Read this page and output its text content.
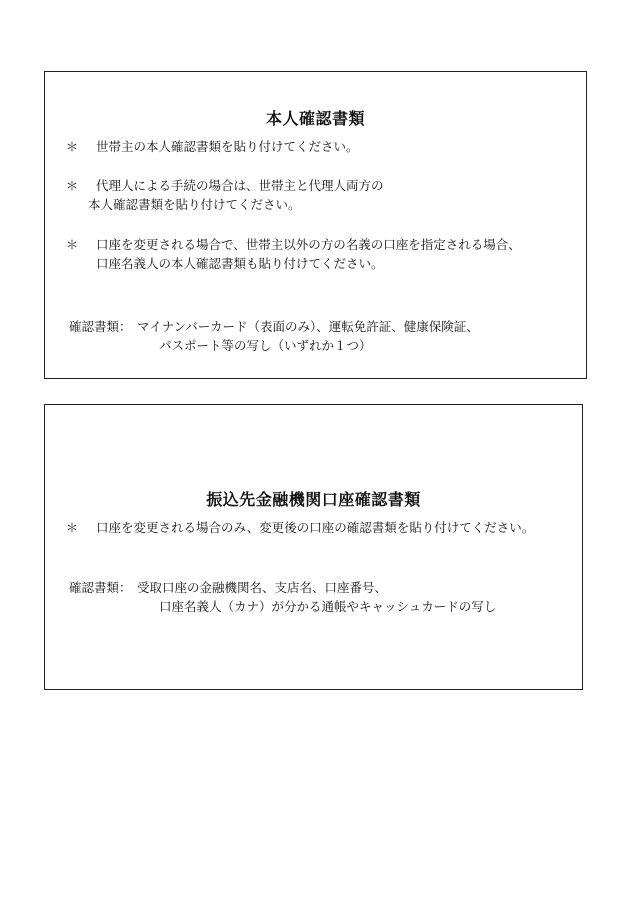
本人確認書類
＊ 世帯主の本人確認書類を貼り付けてください。
＊ 代理人による手続の場合は、世帯主と代理人両方の
本人確認書類を貼り付けてください。
＊ 口座を変更される場合で、世帯主以外の方の名義の口座を指定される場合、
口座名義人の本人確認書類も貼り付けてください。
確認書類： マイナンバーカード（表面のみ）、運転免許証、健康保険証、
パスポート等の写し（いずれか１つ）
振込先金融機関口座確認書類
＊ 口座を変更される場合のみ、変更後の口座の確認書類を貼り付けてください。
確認書類： 受取口座の金融機関名、支店名、口座番号、
口座名義人（カナ）が分かる通帳やキャッシュカードの写し
